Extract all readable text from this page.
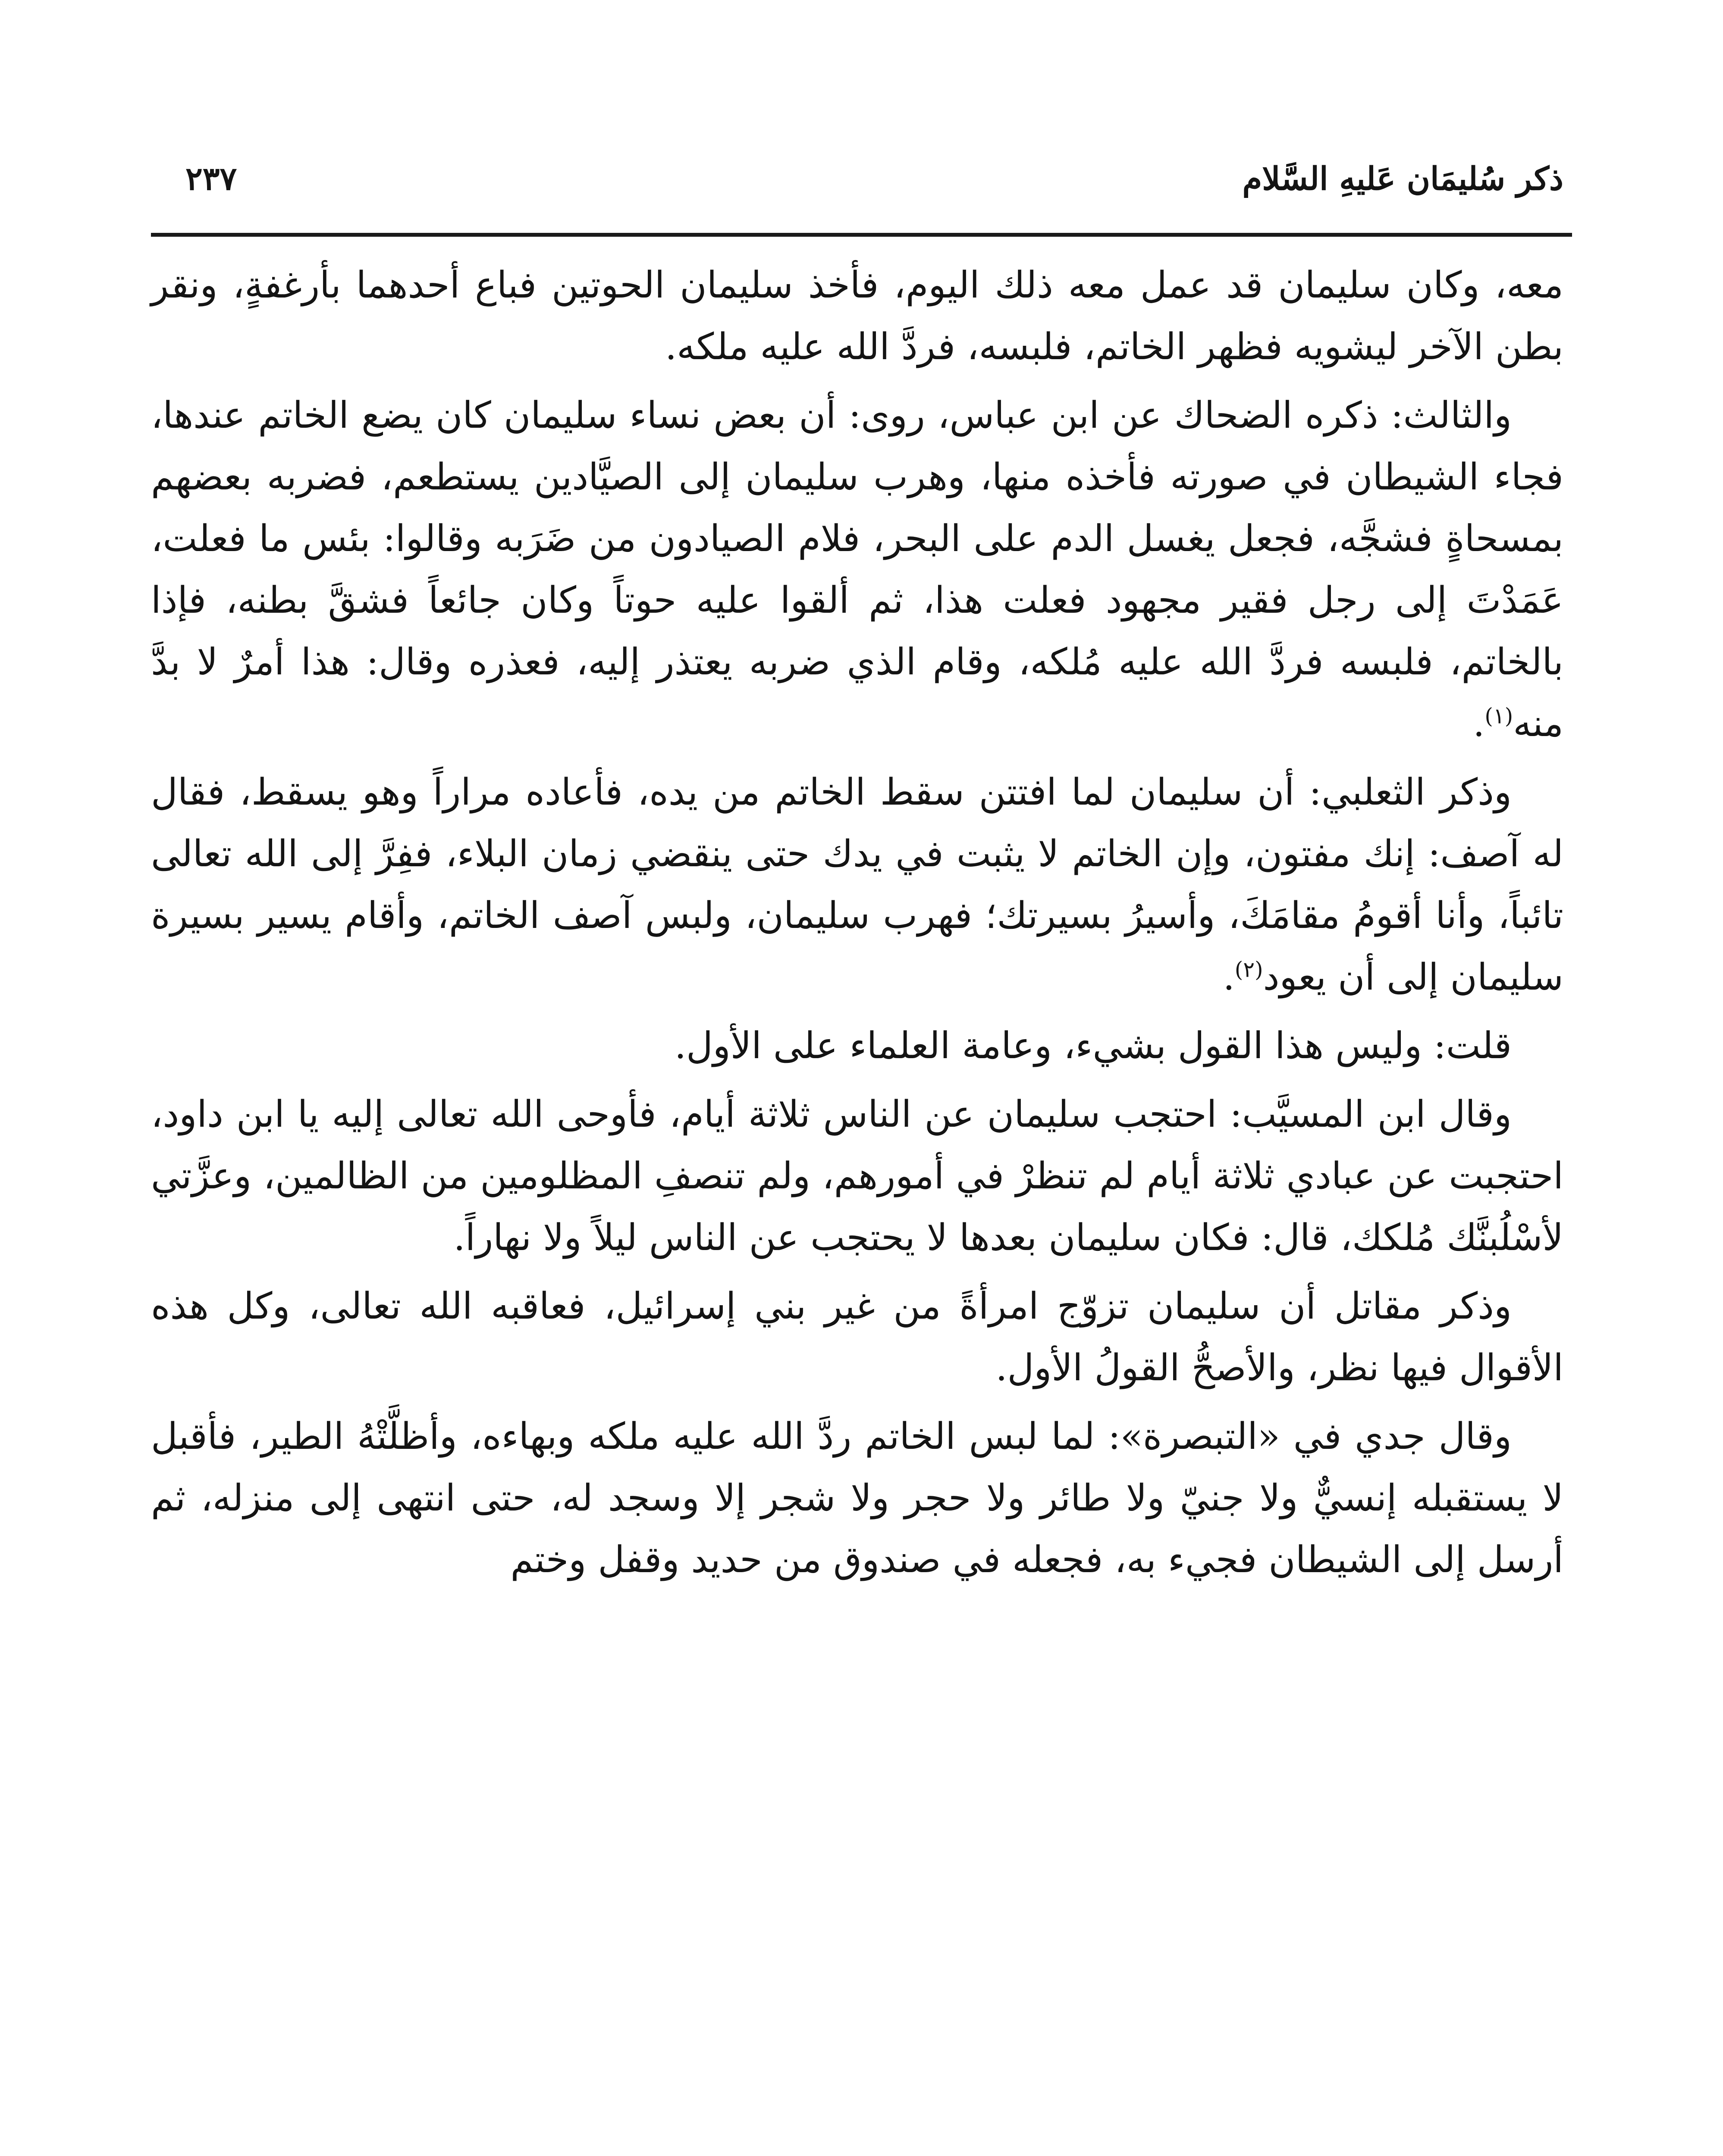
ذكر سُليمَان عَليهِ السَّلام
٢٣٧

معه، وكان سليمان قد عمل معه ذلك اليوم، فأخذ سليمان الحوتين فباع أحدهما بأرغفةٍ، ونقر بطن الآخر ليشويه فظهر الخاتم، فلبسه، فردَّ الله عليه ملكه.

والثالث: ذكره الضحاك عن ابن عباس، روى: أن بعض نساء سليمان كان يضع الخاتم عندها، فجاء الشيطان في صورته فأخذه منها، وهرب سليمان إلى الصيَّادين يستطعم، فضربه بعضهم بمسحاةٍ فشجَّه، فجعل يغسل الدم على البحر، فلام الصيادون من ضَرَبه وقالوا: بئس ما فعلت، عَمَدْتَ إلى رجل فقير مجهود فعلت هذا، ثم ألقوا عليه حوتاً وكان جائعاً فشقَّ بطنه، فإذا بالخاتم، فلبسه فردَّ الله عليه مُلكه، وقام الذي ضربه يعتذر إليه، فعذره وقال: هذا أمرٌ لا بدَّ منه$^{(١)}$.

وذكر الثعلبي: أن سليمان لما افتتن سقط الخاتم من يده، فأعاده مراراً وهو يسقط، فقال له آصف: إنك مفتون، وإن الخاتم لا يثبت في يدك حتى ينقضي زمان البلاء، ففِرَّ إلى الله تعالى تائباً، وأنا أقومُ مقامَكَ، وأسيرُ بسيرتك؛ فهرب سليمان، ولبس آصف الخاتم، وأقام يسير بسيرة سليمان إلى أن يعود$^{(٢)}$.

قلت: وليس هذا القول بشيء، وعامة العلماء على الأول.

وقال ابن المسيَّب: احتجب سليمان عن الناس ثلاثة أيام، فأوحى الله تعالى إليه يا ابن داود، احتجبت عن عبادي ثلاثة أيام لم تنظرْ في أمورهم، ولم تنصفِ المظلومين من الظالمين، وعزَّتي لأسْلُبنَّك مُلكك، قال: فكان سليمان بعدها لا يحتجب عن الناس ليلاً ولا نهاراً.

وذكر مقاتل أن سليمان تزوّج امرأةً من غير بني إسرائيل، فعاقبه الله تعالى، وكل هذه الأقوال فيها نظر، والأصحُّ القولُ الأول.

وقال جدي في «التبصرة»: لما لبس الخاتم ردَّ الله عليه ملكه وبهاءه، وأظلَّتْهُ الطير، فأقبل لا يستقبله إنسيٌّ ولا جنيّ ولا طائر ولا حجر ولا شجر إلا وسجد له، حتى انتهى إلى منزله، ثم أرسل إلى الشيطان فجيء به، فجعله في صندوق من حديد وقفل وختم
